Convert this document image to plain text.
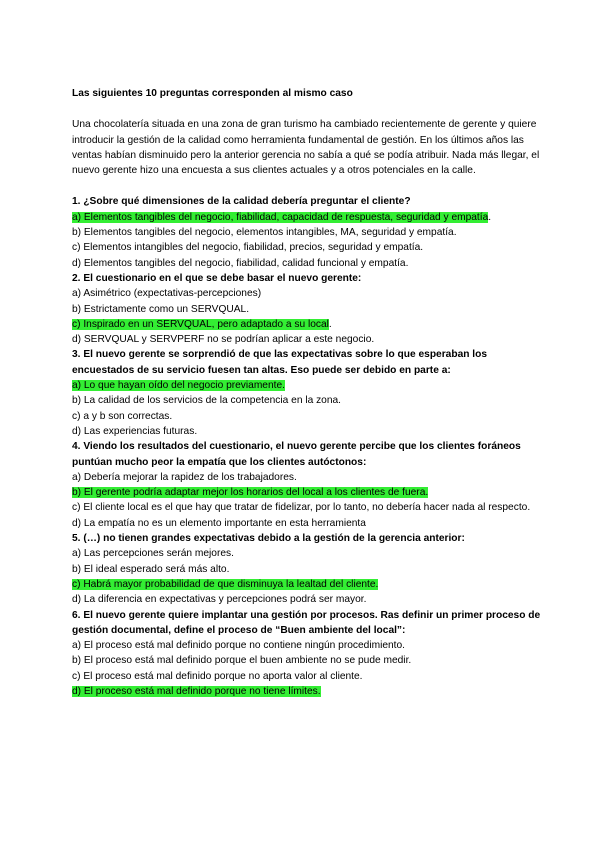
Las siguientes 10 preguntas corresponden al mismo caso

Una chocolatería situada en una zona de gran turismo ha cambiado recientemente de gerente y quiere introducir la gestión de la calidad como herramienta fundamental de gestión. En los últimos años las ventas habían disminuido pero la anterior gerencia no sabía a qué se podía atribuir. Nada más llegar, el nuevo gerente hizo una encuesta a sus clientes actuales y a otros potenciales en la calle.

1. ¿Sobre qué dimensiones de la calidad debería preguntar el cliente?

a) Elementos tangibles del negocio, fiabilidad, capacidad de respuesta, seguridad y empatía.

b) Elementos tangibles del negocio, elementos intangibles, MA, seguridad y empatía.

c) Elementos intangibles del negocio, fiabilidad, precios, seguridad y empatía.

d) Elementos tangibles del negocio, fiabilidad, calidad funcional y empatía.

2. El cuestionario en el que se debe basar el nuevo gerente:

a) Asimétrico (expectativas-percepciones)

b) Estrictamente como un SERVQUAL.

c) Inspirado en un SERVQUAL, pero adaptado a su local.

d) SERVQUAL y SERVPERF no se podrían aplicar a este negocio.

3. El nuevo gerente se sorprendió de que las expectativas sobre lo que esperaban los encuestados de su servicio fuesen tan altas. Eso puede ser debido en parte a:

a) Lo que hayan oído del negocio previamente.

b) La calidad de los servicios de la competencia en la zona.

c) a y b son correctas.

d) Las experiencias futuras.

4. Viendo los resultados del cuestionario, el nuevo gerente percibe que los clientes foráneos puntúan mucho peor la empatía que los clientes autóctonos:

a) Debería mejorar la rapidez de los trabajadores.

b) El gerente podría adaptar mejor los horarios del local a los clientes de fuera.

c) El cliente local es el que hay que tratar de fidelizar, por lo tanto, no debería hacer nada al respecto.

d) La empatía no es un elemento importante en esta herramienta

5. (…) no tienen grandes expectativas debido a la gestión de la gerencia anterior:

a) Las percepciones serán mejores.

b) El ideal esperado será más alto.

c) Habrá mayor probabilidad de que disminuya la lealtad del cliente.

d) La diferencia en expectativas y percepciones podrá ser mayor.

6. El nuevo gerente quiere implantar una gestión por procesos. Ras definir un primer proceso de gestión documental, define el proceso de “Buen ambiente del local”:

a) El proceso está mal definido porque no contiene ningún procedimiento.

b) El proceso está mal definido porque el buen ambiente no se pude medir.

c) El proceso está mal definido porque no aporta valor al cliente.

d) El proceso está mal definido porque no tiene límites.
